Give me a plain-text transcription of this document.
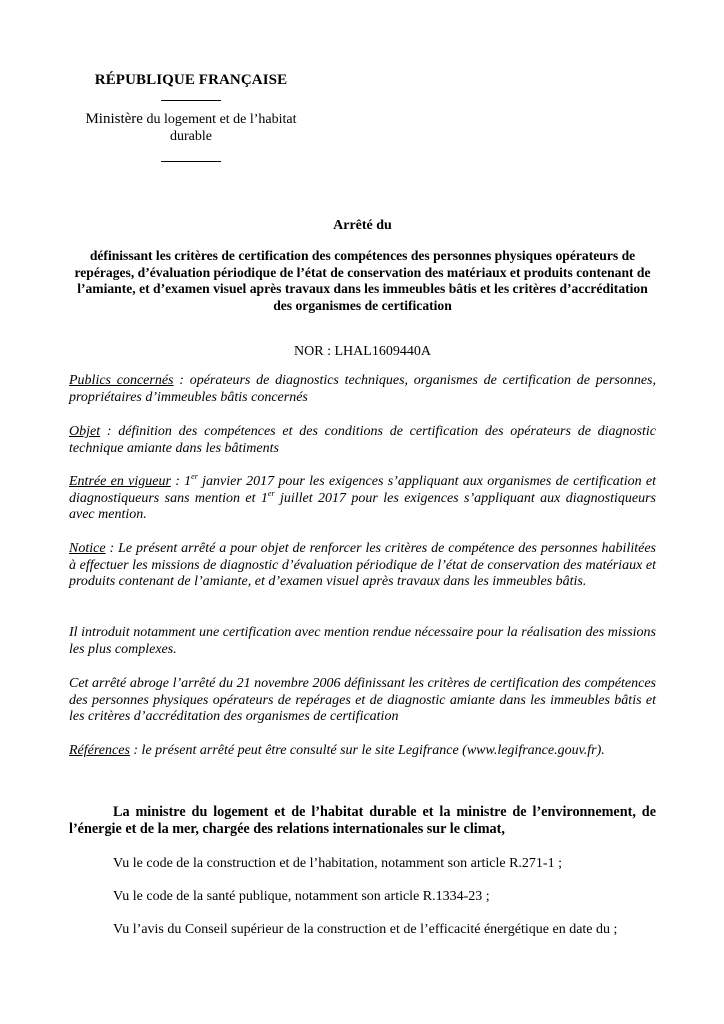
RÉPUBLIQUE FRANÇAISE

Ministère du logement et de l’habitat
durable
Arrêté du
définissant les critères de certification des compétences des personnes physiques opérateurs de repérages, d’évaluation périodique de l’état de conservation des matériaux et produits contenant de l’amiante, et d’examen visuel après travaux dans les immeubles bâtis et les critères d’accréditation des organismes de certification
NOR : LHAL1609440A
Publics concernés : opérateurs de diagnostics techniques, organismes de certification de personnes, propriétaires d’immeubles bâtis concernés
Objet : définition des compétences et des conditions de certification des opérateurs de diagnostic technique amiante dans les bâtiments
Entrée en vigueur : 1er janvier 2017 pour les exigences s’appliquant aux organismes de certification et diagnostiqueurs sans mention et 1er juillet 2017 pour les exigences s’appliquant aux diagnostiqueurs avec mention.
Notice : Le présent arrêté a pour objet de renforcer les critères de compétence des personnes habilitées à effectuer les missions de diagnostic d’évaluation périodique de l’état de conservation des matériaux et produits contenant de l’amiante, et d’examen visuel après travaux dans les immeubles bâtis.
Il introduit notamment une certification avec mention rendue nécessaire pour la réalisation des missions les plus complexes.
Cet arrêté abroge l’arrêté du 21 novembre 2006 définissant les critères de certification des compétences des personnes physiques opérateurs de repérages et de diagnostic amiante dans les immeubles bâtis et les critères d’accréditation des organismes de certification
Références : le présent arrêté peut être consulté sur le site Legifrance (www.legifrance.gouv.fr).
La ministre du logement et de l’habitat durable et la ministre de l’environnement, de l’énergie et de la mer, chargée des relations internationales sur le climat,
Vu le code de la construction et de l’habitation, notamment son article R.271-1 ;
Vu le code de la santé publique, notamment son article R.1334-23 ;
Vu l’avis du Conseil supérieur de la construction et de l’efficacité énergétique en date du ;
